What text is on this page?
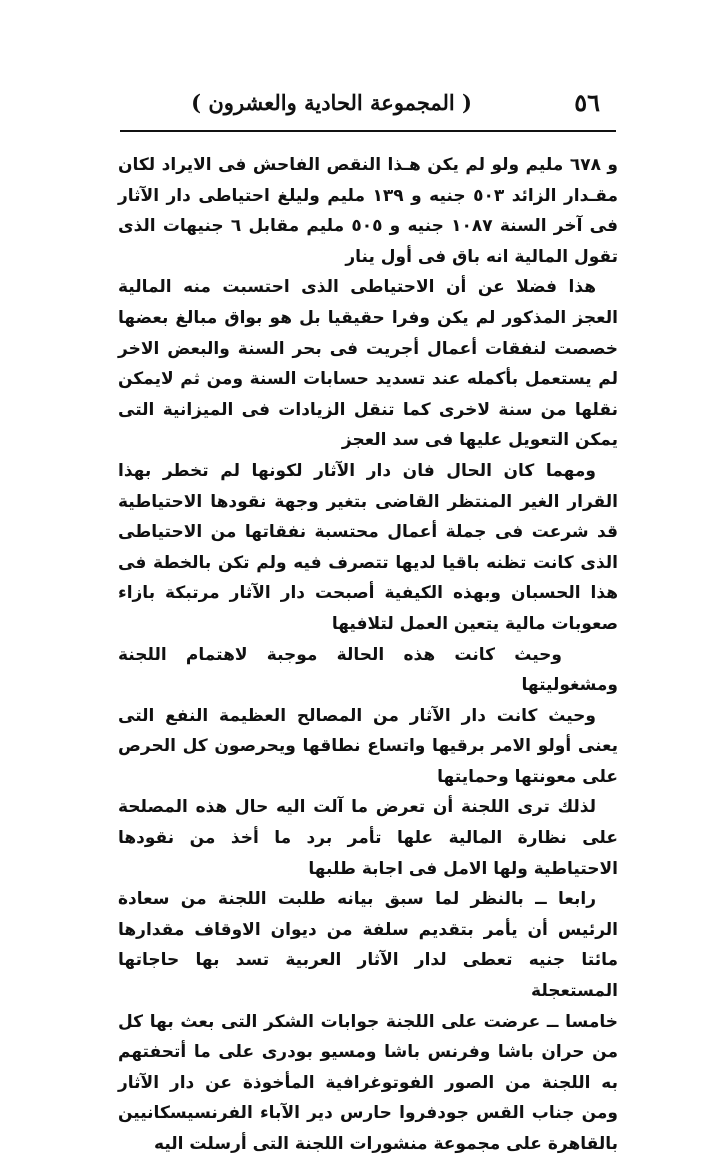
٥٦
( المجموعة الحادية والعشرون )

و ٦٧٨ مليم ولو لم يكن هـذا النقص الفاحش فى الايراد لكان مقـدار الزائد ٥٠٣ جنيه و ١٣٩ مليم وليلغ احتياطى دار الآثار فى آخر السنة ١٠٨٧ جنيه و ٥٠٥ مليم مقابل ٦ جنيهات الذى تقول المالية انه باق فى أول ينار

هذا فضلا عن أن الاحتياطى الذى احتسبت منه المالية العجز المذكور لم يكن وفرا حقيقيا بل هو بواق مبالغ بعضها خصصت لنفقات أعمال أجريت فى بحر السنة والبعض الاخر لم يستعمل بأكمله عند تسديد حسابات السنة ومن ثم لايمكن نقلها من سنة لاخرى كما تنقل الزيادات فى الميزانية التى يمكن التعويل عليها فى سد العجز

ومهما كان الحال فان دار الآثار لكونها لم تخطر بهذا القرار الغير المنتظر القاضى بتغير وجهة نقودها الاحتياطية قد شرعت فى جملة أعمال محتسبة نفقاتها من الاحتياطى الذى كانت تظنه باقيا لديها تتصرف فيه ولم تكن بالخطة فى هذا الحسبان وبهذه الكيفية أصبحت دار الآثار مرتبكة بازاء صعوبات مالية يتعين العمل لتلافيها

وحيث كانت هذه الحالة موجبة لاهتمام اللجنة ومشغوليتها

وحيث كانت دار الآثار من المصالح العظيمة النفع التى يعنى أولو الامر برقيها واتساع نطاقها ويحرصون كل الحرص على معونتها وحمايتها

لذلك ترى اللجنة أن تعرض ما آلت اليه حال هذه المصلحة على نظارة المالية علها تأمر برد ما أخذ من نقودها الاحتياطية ولها الامل فى اجابة طلبها

رابعا ــ بالنظر لما سبق بيانه طلبت اللجنة من سعادة الرئيس أن يأمر بتقديم سلفة من ديوان الاوقاف مقدارها مائتا جنيه تعطى لدار الآثار العربية تسد بها حاجاتها المستعجلة

خامسا ــ عرضت على اللجنة جوابات الشكر التى بعث بها كل من حران باشا وفرنس باشا ومسيو بودرى على ما أتحفتهم به اللجنة من الصور الفوتوغرافية المأخوذة عن دار الآثار ومن جناب القس جودفروا حارس دير الآباء الفرنسيسكانيين بالقاهرة على مجموعة منشورات اللجنة التى أرسلت اليه
